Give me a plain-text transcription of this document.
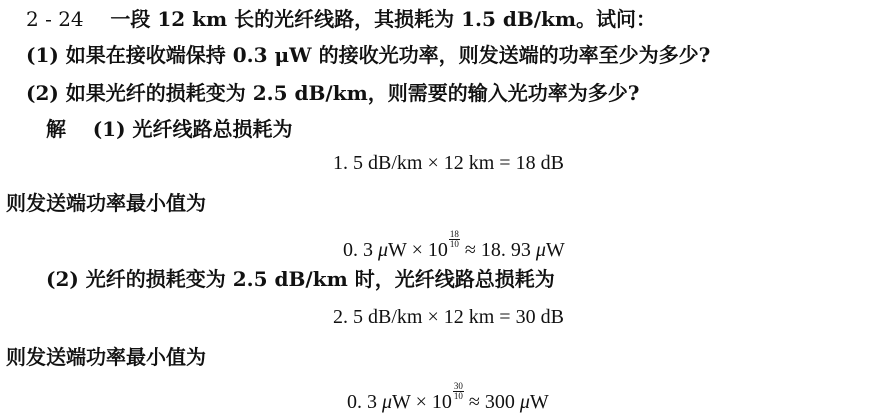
2 - 24 一段 12 km 长的光纤线路，其损耗为 1.5 dB/km。试问：
(1) 如果在接收端保持 0.3 μW 的接收光功率，则发送端的功率至少为多少?
(2) 如果光纤的损耗变为 2.5 dB/km，则需要的输入光功率为多少?
解 (1) 光纤线路总损耗为
1. 5 dB/km × 12 km = 18 dB
则发送端功率最小值为
0. 3 $\mu W \times 10 \frac{18}{10} \approx 18$. 93 μW
(2) 光纤的损耗变为 2.5 dB/km 时，光纤线路总损耗为
2. 5 dB/km × 12 km = 30 dB
则发送端功率最小值为
0. 3 $\mu W \times 10 \frac{30}{10} \approx 300$ μW
